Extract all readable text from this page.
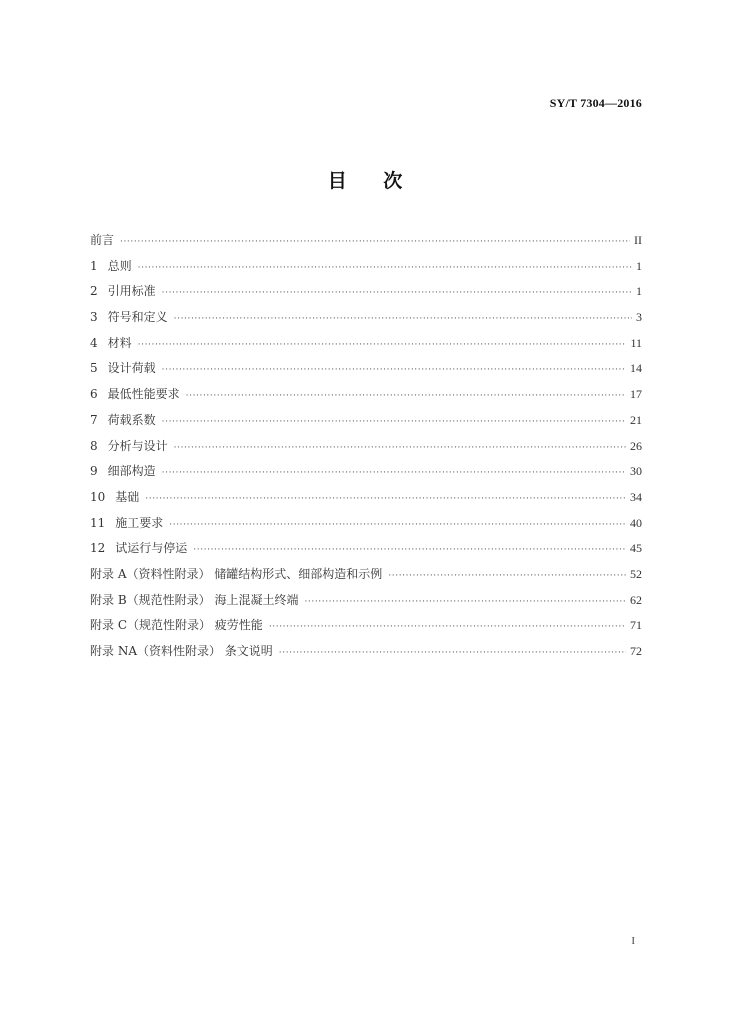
SY/T 7304—2016
目 次
前言 ·····	II
1 总则 ·····	1
2 引用标准 ·····	1
3 符号和定义 ·····	3
4 材料 ·····	11
5 设计荷载 ·····	14
6 最低性能要求 ·····	17
7 荷载系数 ·····	21
8 分析与设计 ·····	26
9 细部构造 ·····	30
10 基础 ·····	34
11 施工要求 ·····	40
12 试运行与停运 ·····	45
附录 A（资料性附录） 储罐结构形式、细部构造和示例 ·····	52
附录 B（规范性附录） 海上混凝土终端 ·····	62
附录 C（规范性附录） 疲劳性能 ·····	71
附录 NA（资料性附录） 条文说明 ·····	72
I
